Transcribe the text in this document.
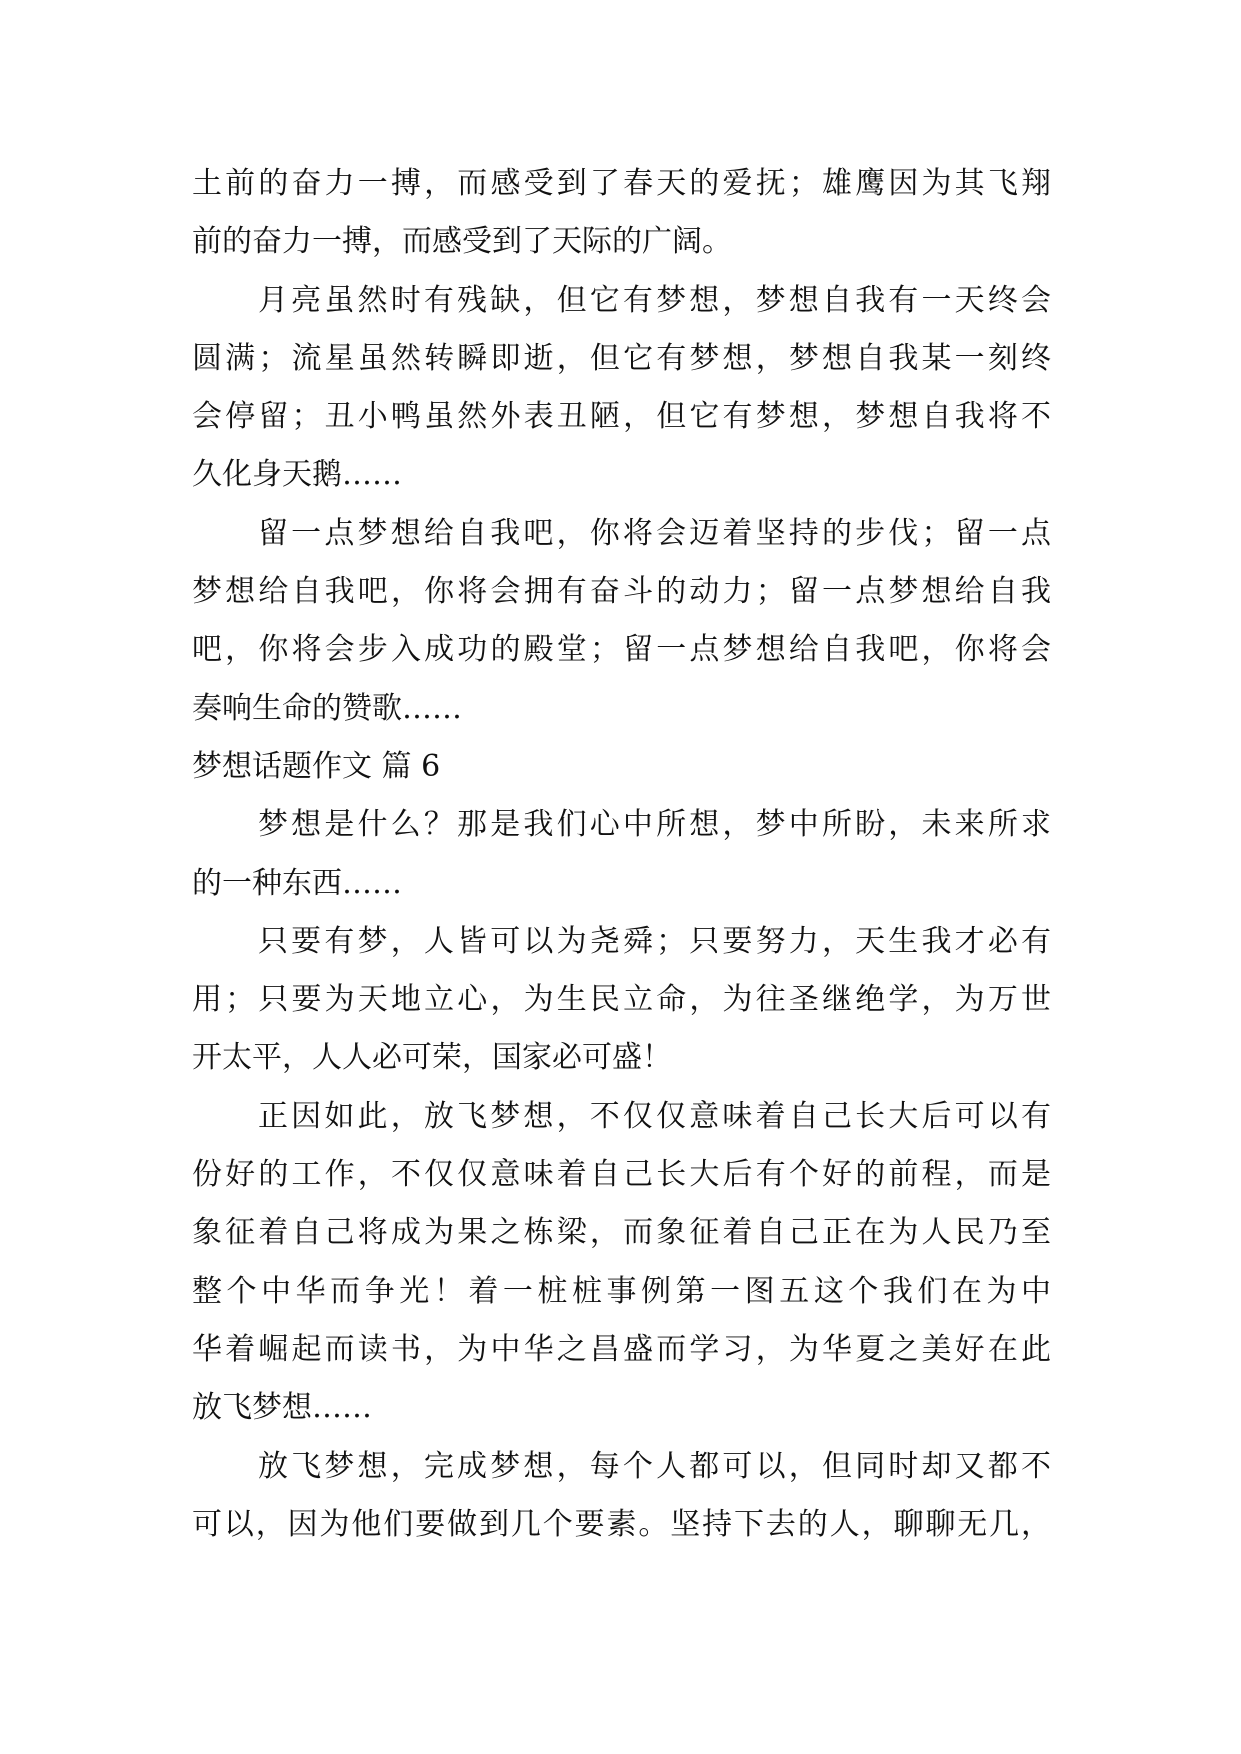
土前的奋力一搏，而感受到了春天的爱抚；雄鹰因为其飞翔
前的奋力一搏，而感受到了天际的广阔。
月亮虽然时有残缺，但它有梦想，梦想自我有一天终会
圆满；流星虽然转瞬即逝，但它有梦想，梦想自我某一刻终
会停留；丑小鸭虽然外表丑陋，但它有梦想，梦想自我将不
久化身天鹅……
留一点梦想给自我吧，你将会迈着坚持的步伐；留一点
梦想给自我吧，你将会拥有奋斗的动力；留一点梦想给自我
吧，你将会步入成功的殿堂；留一点梦想给自我吧，你将会
奏响生命的赞歌……
梦想话题作文 篇 6
梦想是什么？那是我们心中所想，梦中所盼，未来所求
的一种东西……
只要有梦，人皆可以为尧舜；只要努力，天生我才必有
用；只要为天地立心，为生民立命，为往圣继绝学，为万世
开太平，人人必可荣，国家必可盛！
正因如此，放飞梦想，不仅仅意味着自己长大后可以有
份好的工作，不仅仅意味着自己长大后有个好的前程，而是
象征着自己将成为果之栋梁，而象征着自己正在为人民乃至
整个中华而争光！着一桩桩事例第一图五这个我们在为中
华着崛起而读书，为中华之昌盛而学习，为华夏之美好在此
放飞梦想……
放飞梦想，完成梦想，每个人都可以，但同时却又都不
可以，因为他们要做到几个要素。坚持下去的人，聊聊无几，
